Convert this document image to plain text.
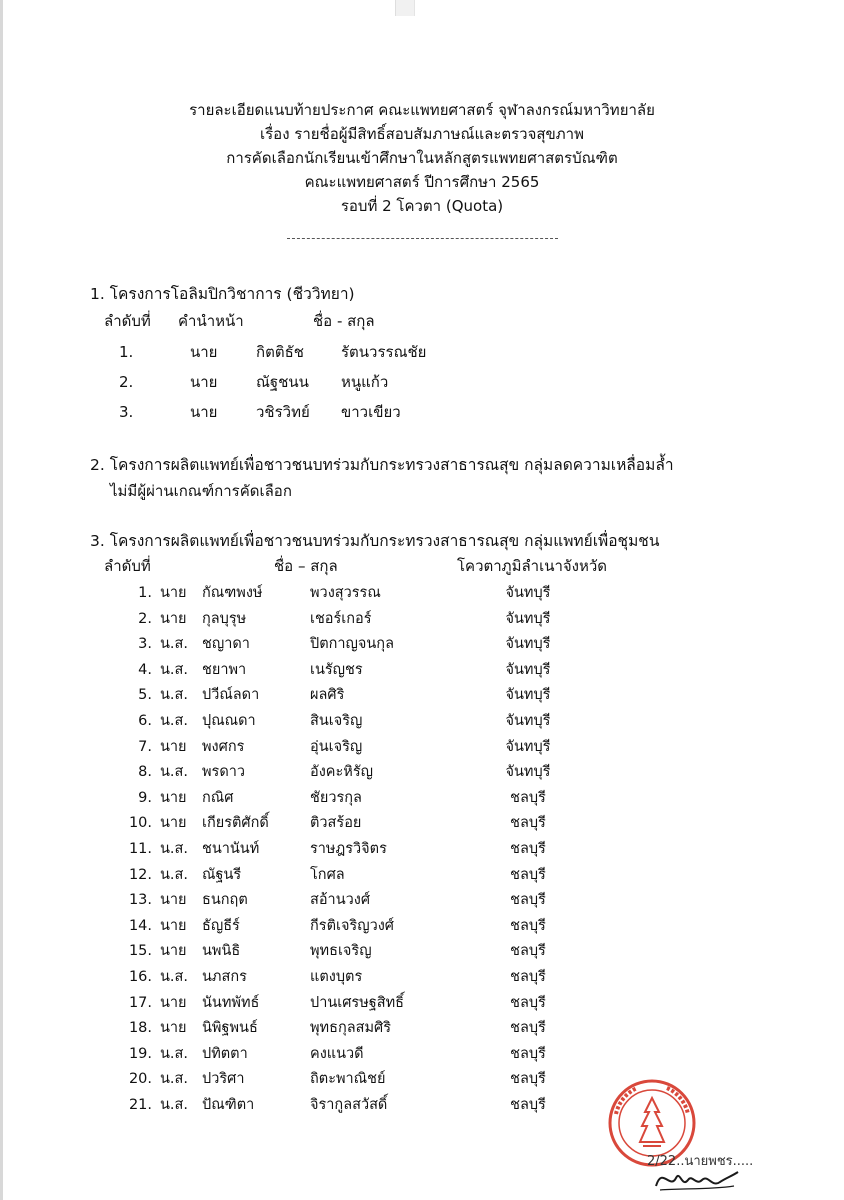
รายละเอียดแนบท้ายประกาศ คณะแพทยศาสตร์ จุฬาลงกรณ์มหาวิทยาลัย
เรื่อง รายชื่อผู้มีสิทธิ์สอบสัมภาษณ์และตรวจสุขภาพ
การคัดเลือกนักเรียนเข้าศึกษาในหลักสูตรแพทยศาสตรบัณฑิต
คณะแพทยศาสตร์ ปีการศึกษา 2565
รอบที่ 2 โควตา (Quota)
1. โครงการโอลิมปิกวิชาการ (ชีววิทยา)
ลำดับที่ คำนำหน้า	ชื่อ - สกุล
1.	นาย	กิตติธัช รัตนวรรณชัย
2.	นาย	ณัฐชนน หนูแก้ว
3.	นาย	วชิรวิทย์ ขาวเขียว
2. โครงการผลิตแพทย์เพื่อชาวชนบทร่วมกับกระทรวงสาธารณสุข กลุ่มลดความเหลื่อมล้ำ
ไม่มีผู้ผ่านเกณฑ์การคัดเลือก
3. โครงการผลิตแพทย์เพื่อชาวชนบทร่วมกับกระทรวงสาธารณสุข กลุ่มแพทย์เพื่อชุมชน
ลำดับที่	ชื่อ – สกุล	โควตาภูมิลำเนาจังหวัด
1. นาย กัณฑพงษ์	พวงสุวรรณ	จันทบุรี
2. นาย กุลบุรุษ	เชอร์เกอร์	จันทบุรี
3. น.ส. ชญาดา	ปิตกาญจนกุล	จันทบุรี
4. น.ส. ชยาพา	เนรัญชร	จันทบุรี
5. น.ส. ปวีณ์ลดา	ผลศิริ	จันทบุรี
6. น.ส. ปุณณดา	สินเจริญ	จันทบุรี
7. นาย พงศกร	อุ่นเจริญ	จันทบุรี
8. น.ส. พรดาว	อังคะหิรัญ	จันทบุรี
9. นาย กณิศ	ชัยวรกุล	ชลบุรี
10. นาย เกียรติศักดิ์	ติวสร้อย	ชลบุรี
11. น.ส. ชนานันท์	ราษฎรวิจิตร	ชลบุรี
12. น.ส. ณัฐนรี	โกศล	ชลบุรี
13. นาย ธนกฤต	สอ้านวงศ์	ชลบุรี
14. นาย ธัญธีร์	กีรติเจริญวงศ์	ชลบุรี
15. นาย นพนิธิ	พุทธเจริญ	ชลบุรี
16. น.ส. นภสกร	แตงบุตร	ชลบุรี
17. นาย นันทพัทธ์	ปานเศรษฐสิทธิ์	ชลบุรี
18. นาย นิพิฐพนธ์	พุทธกุลสมศิริ	ชลบุรี
19. น.ส. ปทิตตา	คงแนวดี	ชลบุรี
20. น.ส. ปวริศา	ถิตะพาณิชย์	ชลบุรี
21. น.ส. ปัณฑิตา	จิรากูลสวัสดิ์	ชลบุรี
2/22..นายพชร.....
